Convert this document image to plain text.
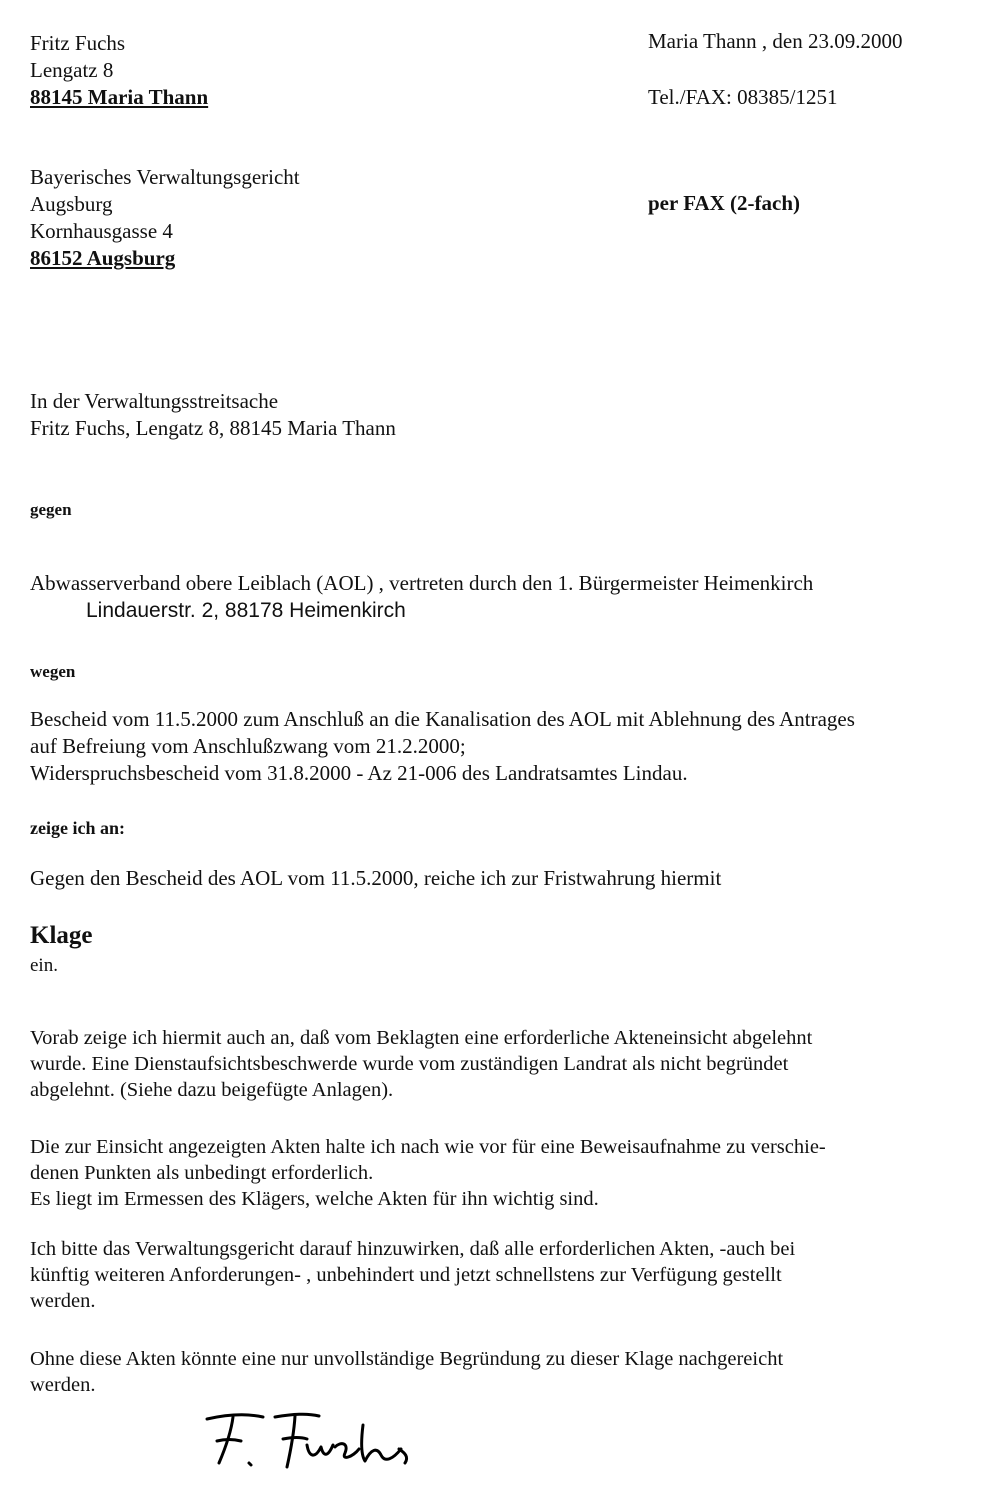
Fritz Fuchs
Lengatz 8
88145 Maria Thann
Maria Thann , den 23.09.2000
Tel./FAX: 08385/1251
Bayerisches Verwaltungsgericht
Augsburg
Kornhausgasse 4
86152 Augsburg
per FAX (2-fach)
In der Verwaltungsstreitsache
Fritz Fuchs, Lengatz 8, 88145 Maria Thann
gegen
Abwasserverband obere Leiblach (AOL) , vertreten durch den 1. Bürgermeister Heimenkirch
Lindauerstr. 2, 88178 Heimenkirch
wegen
Bescheid vom 11.5.2000 zum Anschluß an die Kanalisation des AOL mit Ablehnung des Antrages
auf Befreiung vom Anschlußzwang vom 21.2.2000;
Widerspruchsbescheid vom 31.8.2000 - Az 21-006 des Landratsamtes Lindau.
zeige ich an:
Gegen den Bescheid des AOL vom 11.5.2000, reiche ich zur Fristwahrung hiermit
Klage
ein.
Vorab zeige ich hiermit auch an, daß vom Beklagten eine erforderliche Akteneinsicht abgelehnt
wurde. Eine Dienstaufsichtsbeschwerde wurde vom zuständigen Landrat als nicht begründet
abgelehnt. (Siehe dazu beigefügte Anlagen).
Die zur Einsicht angezeigten Akten halte ich nach wie vor für eine Beweisaufnahme zu verschie-
denen Punkten als unbedingt erforderlich.
Es liegt im Ermessen des Klägers, welche Akten für ihn wichtig sind.
Ich bitte das Verwaltungsgericht darauf hinzuwirken, daß alle erforderlichen Akten, -auch bei
künftig weiteren Anforderungen- , unbehindert und jetzt schnellstens zur Verfügung gestellt
werden.
Ohne diese Akten könnte eine nur unvollständige Begründung zu dieser Klage nachgereicht
werden.
